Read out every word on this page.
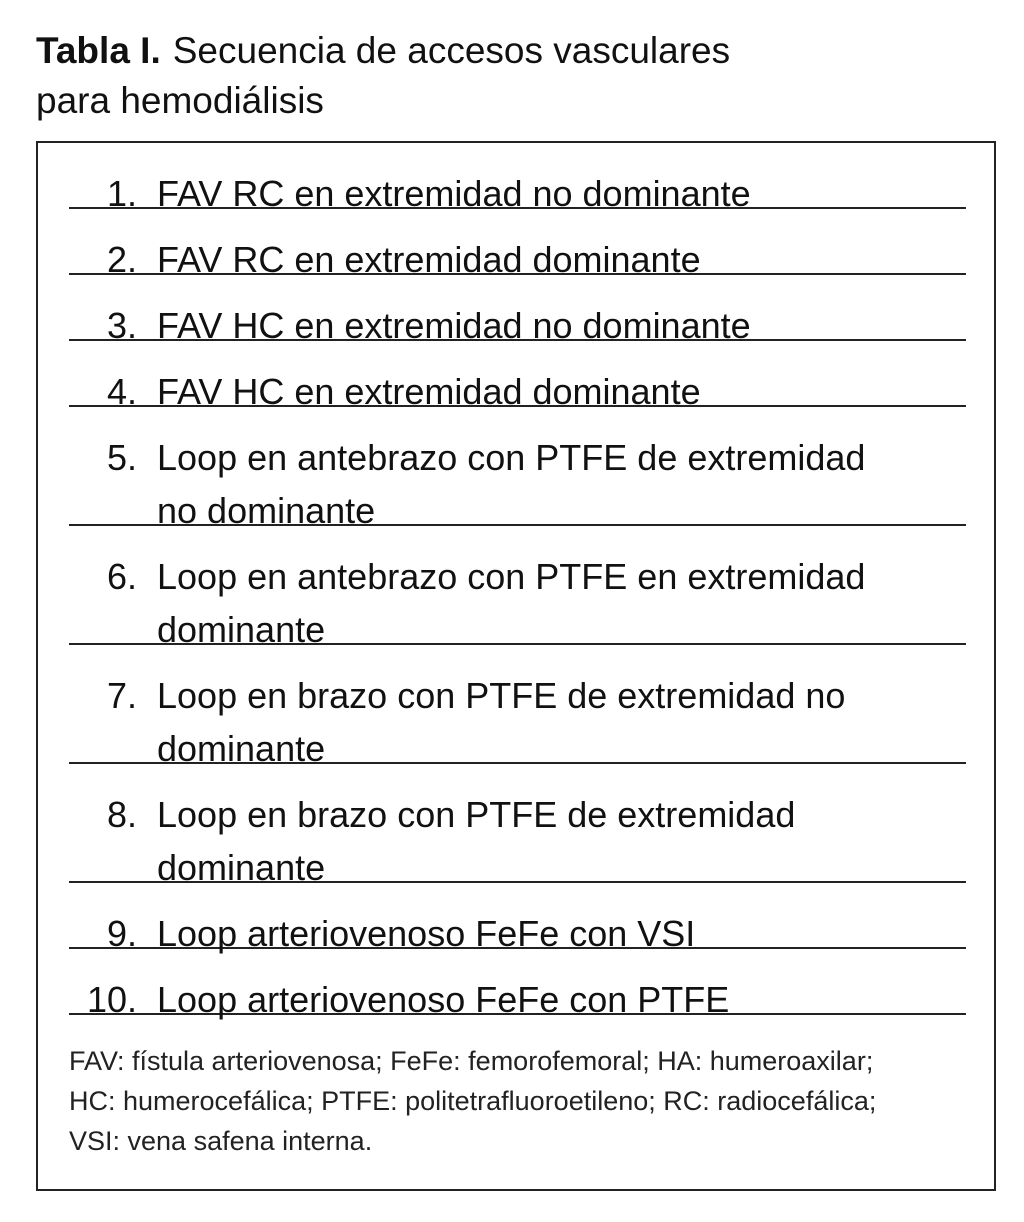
Tabla I. Secuencia de accesos vasculares
para hemodiálisis
1. FAV RC en extremidad no dominante
2. FAV RC en extremidad dominante
3. FAV HC en extremidad no dominante
4. FAV HC en extremidad dominante
5. Loop en antebrazo con PTFE de extremidad
no dominante
6. Loop en antebrazo con PTFE en extremidad
dominante
7. Loop en brazo con PTFE de extremidad no
dominante
8. Loop en brazo con PTFE de extremidad
dominante
9. Loop arteriovenoso FeFe con VSI
10. Loop arteriovenoso FeFe con PTFE
FAV: fístula arteriovenosa; FeFe: femorofemoral; HA: humeroaxilar;
HC: humerocefálica; PTFE: politetrafluoroetileno; RC: radiocefálica;
VSI: vena safena interna.
